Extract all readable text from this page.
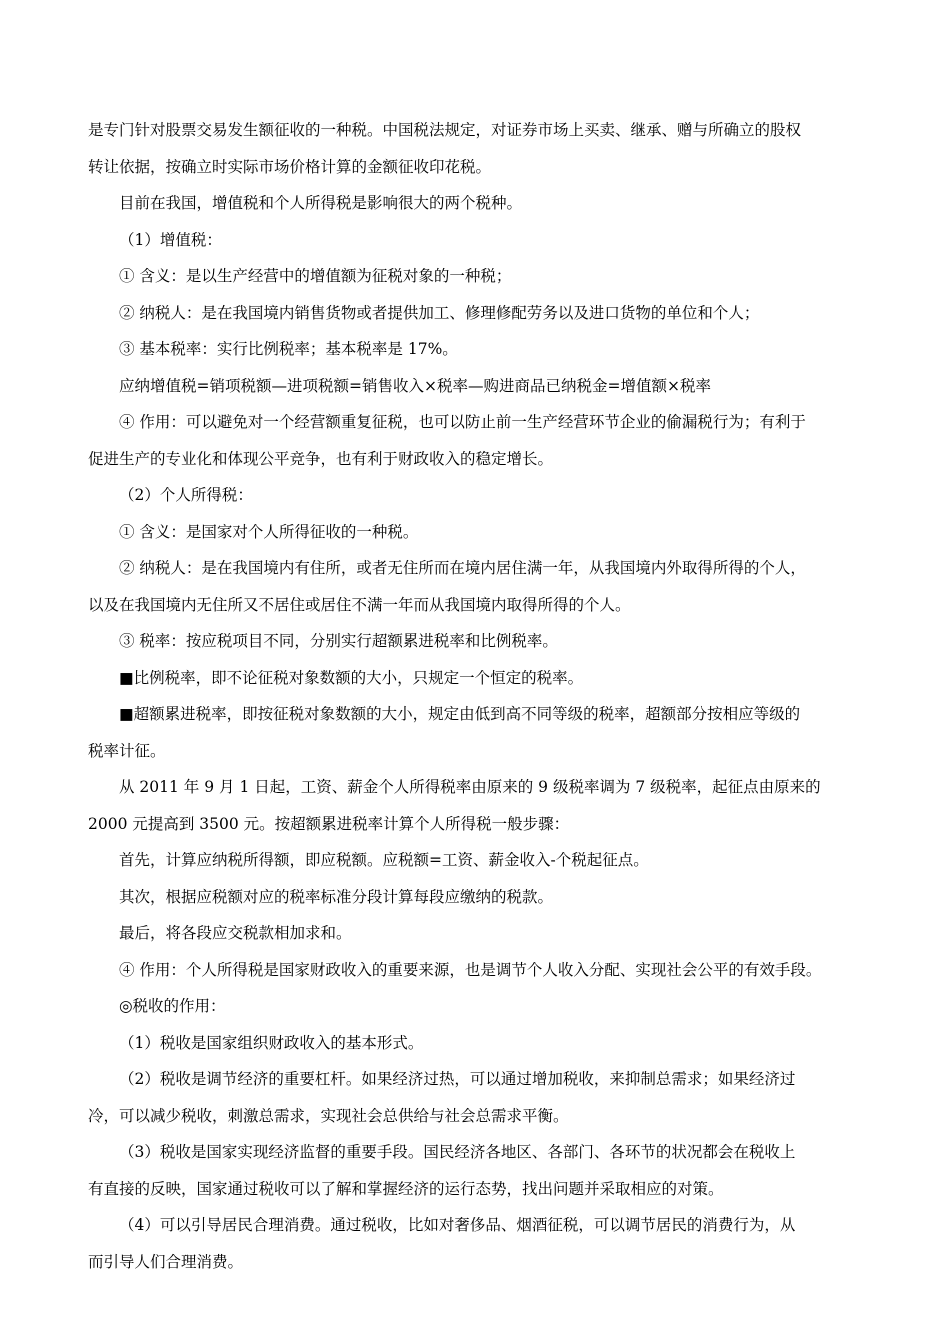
是专门针对股票交易发生额征收的一种税。中国税法规定，对证券市场上买卖、继承、赠与所确立的股权
转让依据，按确立时实际市场价格计算的金额征收印花税。
目前在我国，增值税和个人所得税是影响很大的两个税种。
（1）增值税：
① 含义：是以生产经营中的增值额为征税对象的一种税；
② 纳税人：是在我国境内销售货物或者提供加工、修理修配劳务以及进口货物的单位和个人；
③ 基本税率：实行比例税率；基本税率是 17%。
应纳增值税=销项税额—进项税额=销售收入×税率—购进商品已纳税金=增值额×税率
④ 作用：可以避免对一个经营额重复征税，也可以防止前一生产经营环节企业的偷漏税行为；有利于
促进生产的专业化和体现公平竞争，也有利于财政收入的稳定增长。
（2）个人所得税：
① 含义：是国家对个人所得征收的一种税。
② 纳税人：是在我国境内有住所，或者无住所而在境内居住满一年，从我国境内外取得所得的个人，
以及在我国境内无住所又不居住或居住不满一年而从我国境内取得所得的个人。
③ 税率：按应税项目不同，分别实行超额累进税率和比例税率。
■比例税率，即不论征税对象数额的大小，只规定一个恒定的税率。
■超额累进税率，即按征税对象数额的大小，规定由低到高不同等级的税率，超额部分按相应等级的
税率计征。
从 2011 年 9 月 1 日起，工资、薪金个人所得税率由原来的 9 级税率调为 7 级税率，起征点由原来的
2000 元提高到 3500 元。按超额累进税率计算个人所得税一般步骤：
首先，计算应纳税所得额，即应税额。应税额=工资、薪金收入-个税起征点。
其次，根据应税额对应的税率标准分段计算每段应缴纳的税款。
最后，将各段应交税款相加求和。
④ 作用：个人所得税是国家财政收入的重要来源，也是调节个人收入分配、实现社会公平的有效手段。
◎税收的作用：
（1）税收是国家组织财政收入的基本形式。
（2）税收是调节经济的重要杠杆。如果经济过热，可以通过增加税收，来抑制总需求；如果经济过
冷，可以减少税收，刺激总需求，实现社会总供给与社会总需求平衡。
（3）税收是国家实现经济监督的重要手段。国民经济各地区、各部门、各环节的状况都会在税收上
有直接的反映，国家通过税收可以了解和掌握经济的运行态势，找出问题并采取相应的对策。
（4）可以引导居民合理消费。通过税收，比如对奢侈品、烟酒征税，可以调节居民的消费行为，从
而引导人们合理消费。
